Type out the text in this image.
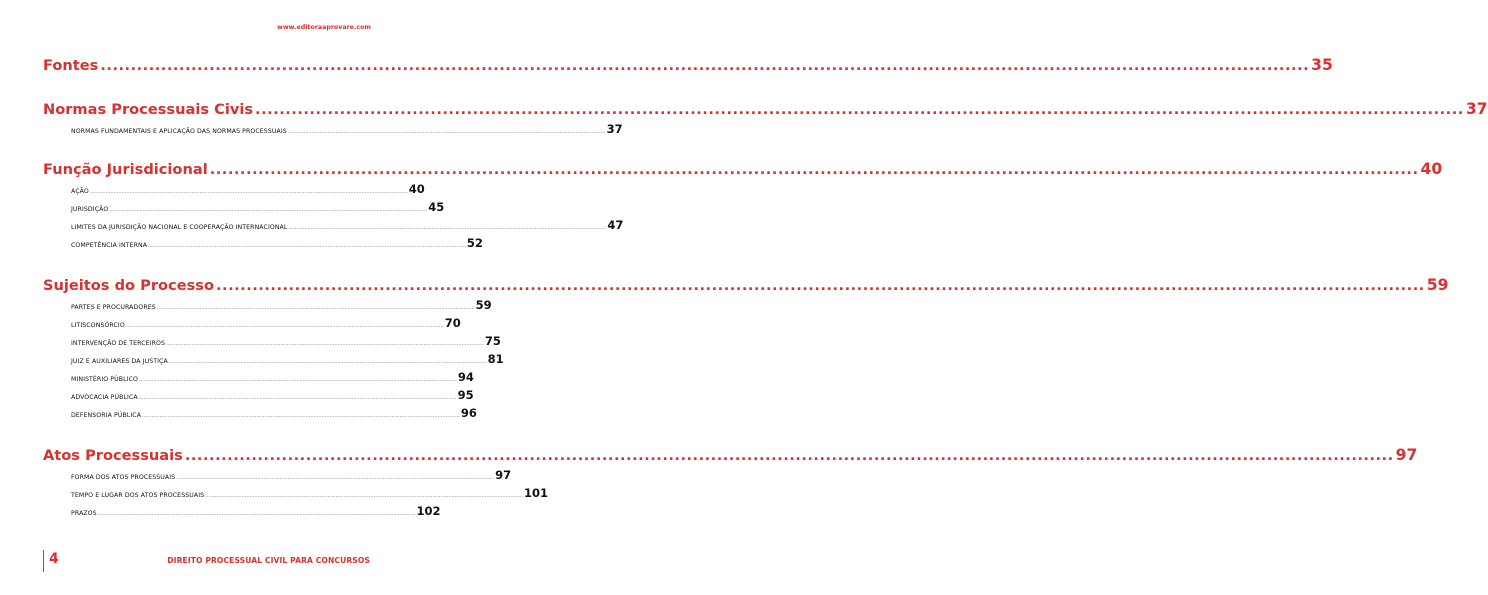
www.editoraaprovare.com
Fontes ........................................................................................................................................................................................................ 35
Normas Processuais Civis ........................................................................................................................................................................................................ 37
NORMAS FUNDAMENTAIS E APLICAÇÃO DAS NORMAS PROCESSUAIS ........................................................................................................................................................................................................ 37
Função Jurisdicional ........................................................................................................................................................................................................ 40
AÇÃO ........................................................................................................................................................................................................ 40
JURISDIÇÃO ........................................................................................................................................................................................................ 45
LIMITES DA JURISDIÇÃO NACIONAL E COOPERAÇÃO INTERNACIONAL ........................................................................................................................................................................................................ 47
COMPETÊNCIA INTERNA ........................................................................................................................................................................................................ 52
Sujeitos do Processo ........................................................................................................................................................................................................ 59
PARTES E PROCURADORES ........................................................................................................................................................................................................ 59
LITISCONSÓRCIO ........................................................................................................................................................................................................ 70
INTERVENÇÃO DE TERCEIROS ........................................................................................................................................................................................................ 75
JUIZ E AUXILIARES DA JUSTIÇA ........................................................................................................................................................................................................ 81
MINISTÉRIO PÚBLICO ........................................................................................................................................................................................................ 94
ADVOCACIA PÚBLICA ........................................................................................................................................................................................................ 95
DEFENSORIA PÚBLICA ........................................................................................................................................................................................................ 96
Atos Processuais ........................................................................................................................................................................................................ 97
FORMA DOS ATOS PROCESSUAIS ........................................................................................................................................................................................................ 97
TEMPO E LUGAR DOS ATOS PROCESSUAIS ........................................................................................................................................................................................................ 101
PRAZOS ........................................................................................................................................................................................................ 102
4	DIREITO PROCESSUAL CIVIL PARA CONCURSOS
